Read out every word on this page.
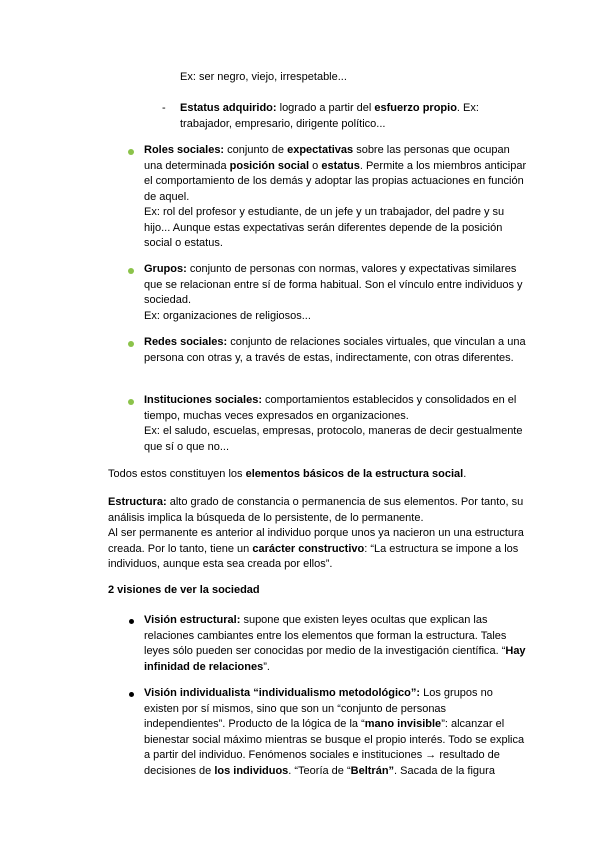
Ex: ser negro, viejo, irrespetable...

- Estatus adquirido: logrado a partir del esfuerzo propio. Ex: trabajador, empresario, dirigente político...

Roles sociales: conjunto de expectativas sobre las personas que ocupan una determinada posición social o estatus. Permite a los miembros anticipar el comportamiento de los demás y adoptar las propias actuaciones en función de aquel.

Ex: rol del profesor y estudiante, de un jefe y un trabajador, del padre y su hijo... Aunque estas expectativas serán diferentes depende de la posición social o estatus.

Grupos: conjunto de personas con normas, valores y expectativas similares que se relacionan entre sí de forma habitual. Son el vínculo entre individuos y sociedad.

Ex: organizaciones de religiosos...

Redes sociales: conjunto de relaciones sociales virtuales, que vinculan a una persona con otras y, a través de estas, indirectamente, con otras diferentes.

Instituciones sociales: comportamientos establecidos y consolidados en el tiempo, muchas veces expresados en organizaciones.

Ex: el saludo, escuelas, empresas, protocolo, maneras de decir gestualmente que sí o que no...

Todos estos constituyen los elementos básicos de la estructura social.

Estructura: alto grado de constancia o permanencia de sus elementos. Por tanto, su análisis implica la búsqueda de lo persistente, de lo permanente.

Al ser permanente es anterior al individuo porque unos ya nacieron un una estructura creada. Por lo tanto, tiene un carácter constructivo: “La estructura se impone a los individuos, aunque esta sea creada por ellos”.

2 visiones de ver la sociedad

Visión estructural: supone que existen leyes ocultas que explican las relaciones cambiantes entre los elementos que forman la estructura. Tales leyes sólo pueden ser conocidas por medio de la investigación científica. “Hay infinidad de relaciones”.

Visión individualista “individualismo metodológico”: Los grupos no existen por sí mismos, sino que son un “conjunto de personas independientes”. Producto de la lógica de la “mano invisible”: alcanzar el bienestar social máximo mientras se busque el propio interés. Todo se explica a partir del individuo. Fenómenos sociales e instituciones → resultado de decisiones de los individuos. “Teoría de “Beltrán”. Sacada de la figura
